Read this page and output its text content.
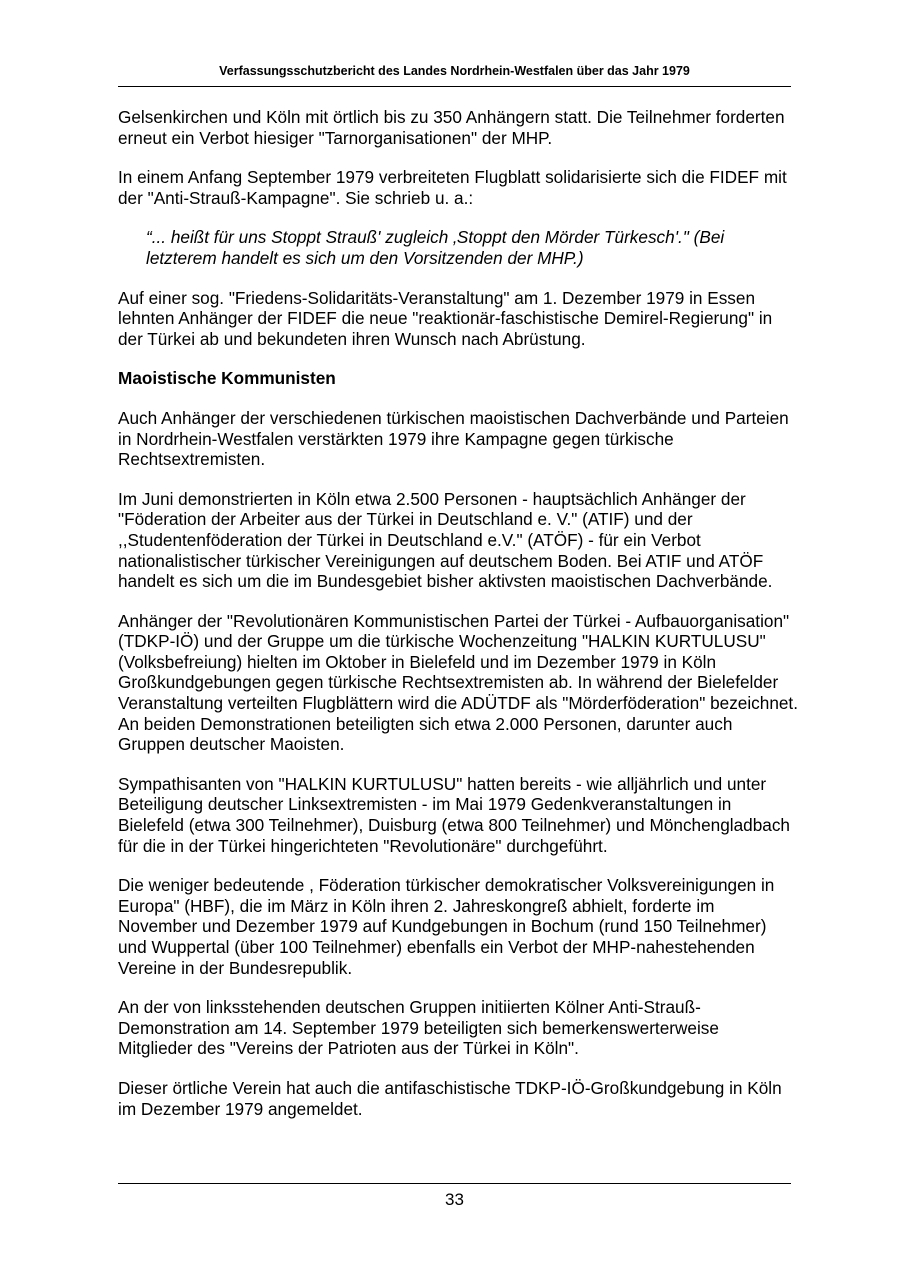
Verfassungsschutzbericht des Landes Nordrhein-Westfalen über das Jahr 1979

Gelsenkirchen und Köln mit örtlich bis zu 350 Anhängern statt. Die Teilnehmer forderten erneut ein Verbot hiesiger "Tarnorganisationen" der MHP.

In einem Anfang September 1979 verbreiteten Flugblatt solidarisierte sich die FIDEF mit der "Anti-Strauß-Kampagne". Sie schrieb u. a.:

“... heißt für uns Stoppt Strauß' zugleich ‚Stoppt den Mörder Türkesch'." (Bei letzterem handelt es sich um den Vorsitzenden der MHP.)

Auf einer sog. "Friedens-Solidaritäts-Veranstaltung" am 1. Dezember 1979 in Essen lehnten Anhänger der FIDEF die neue "reaktionär-faschistische Demirel-Regierung" in der Türkei ab und bekundeten ihren Wunsch nach Abrüstung.

Maoistische Kommunisten

Auch Anhänger der verschiedenen türkischen maoistischen Dachverbände und Parteien in Nordrhein-Westfalen verstärkten 1979 ihre Kampagne gegen türkische Rechtsextremisten.

Im Juni demonstrierten in Köln etwa 2.500 Personen - hauptsächlich Anhänger der "Föderation der Arbeiter aus der Türkei in Deutschland e. V." (ATIF) und der ,,Studentenföderation der Türkei in Deutschland e.V." (ATÖF) - für ein Verbot nationalistischer türkischer Vereinigungen auf deutschem Boden. Bei ATIF und ATÖF handelt es sich um die im Bundesgebiet bisher aktivsten maoistischen Dachverbände.

Anhänger der "Revolutionären Kommunistischen Partei der Türkei - Aufbauorganisation" (TDKP-IÖ) und der Gruppe um die türkische Wochenzeitung "HALKIN KURTULUSU" (Volksbefreiung) hielten im Oktober in Bielefeld und im Dezember 1979 in Köln Großkundgebungen gegen türkische Rechtsextremisten ab. In während der Bielefelder Veranstaltung verteilten Flugblättern wird die ADÜTDF als "Mörderföderation" bezeichnet. An beiden Demonstrationen beteiligten sich etwa 2.000 Personen, darunter auch Gruppen deutscher Maoisten.

Sympathisanten von "HALKIN KURTULUSU" hatten bereits - wie alljährlich und unter Beteiligung deutscher Linksextremisten - im Mai 1979 Gedenkveranstaltungen in Bielefeld (etwa 300 Teilnehmer), Duisburg (etwa 800 Teilnehmer) und Mönchengladbach für die in der Türkei hingerichteten "Revolutionäre" durchgeführt.

Die weniger bedeutende , Föderation türkischer demokratischer Volksvereinigungen in Europa" (HBF), die im März in Köln ihren 2. Jahreskongreß abhielt, forderte im November und Dezember 1979 auf Kundgebungen in Bochum (rund 150 Teilnehmer) und Wuppertal (über 100 Teilnehmer) ebenfalls ein Verbot der MHP-nahestehenden Vereine in der Bundesrepublik.

An der von linksstehenden deutschen Gruppen initiierten Kölner Anti-Strauß-Demonstration am 14. September 1979 beteiligten sich bemerkenswerterweise Mitglieder des "Vereins der Patrioten aus der Türkei in Köln".

Dieser örtliche Verein hat auch die antifaschistische TDKP-IÖ-Großkundgebung in Köln im Dezember 1979 angemeldet.

33
